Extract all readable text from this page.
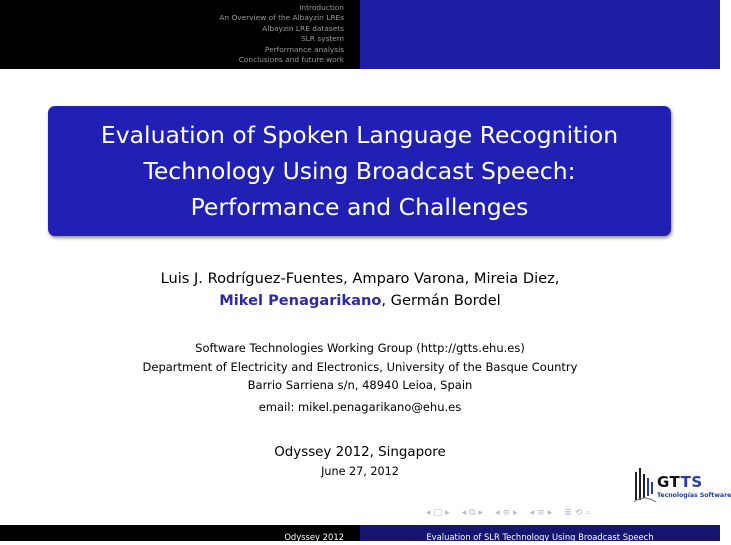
Introduction
An Overview of the Albayzin LREs
Albayzin LRE datasets
SLR system
Performance analysis
Conclusions and future work
Evaluation of Spoken Language Recognition
Technology Using Broadcast Speech:
Performance and Challenges
Luis J. Rodríguez-Fuentes, Amparo Varona, Mireia Diez,
Mikel Penagarikano, Germán Bordel
Software Technologies Working Group (http://gtts.ehu.es)
Department of Electricity and Electronics, University of the Basque Country
Barrio Sarriena s/n, 48940 Leioa, Spain
email: mikel.penagarikano@ehu.es
Odyssey 2012, Singapore
June 27, 2012
GTTS
Tecnologías Software
◂ □ ▸ ◂ ⧉ ▸ ◂ ≡ ▸ ◂ ≡ ▸ ≣ ⟲ ⌕
Odyssey 2012	Evaluation of SLR Technology Using Broadcast Speech
